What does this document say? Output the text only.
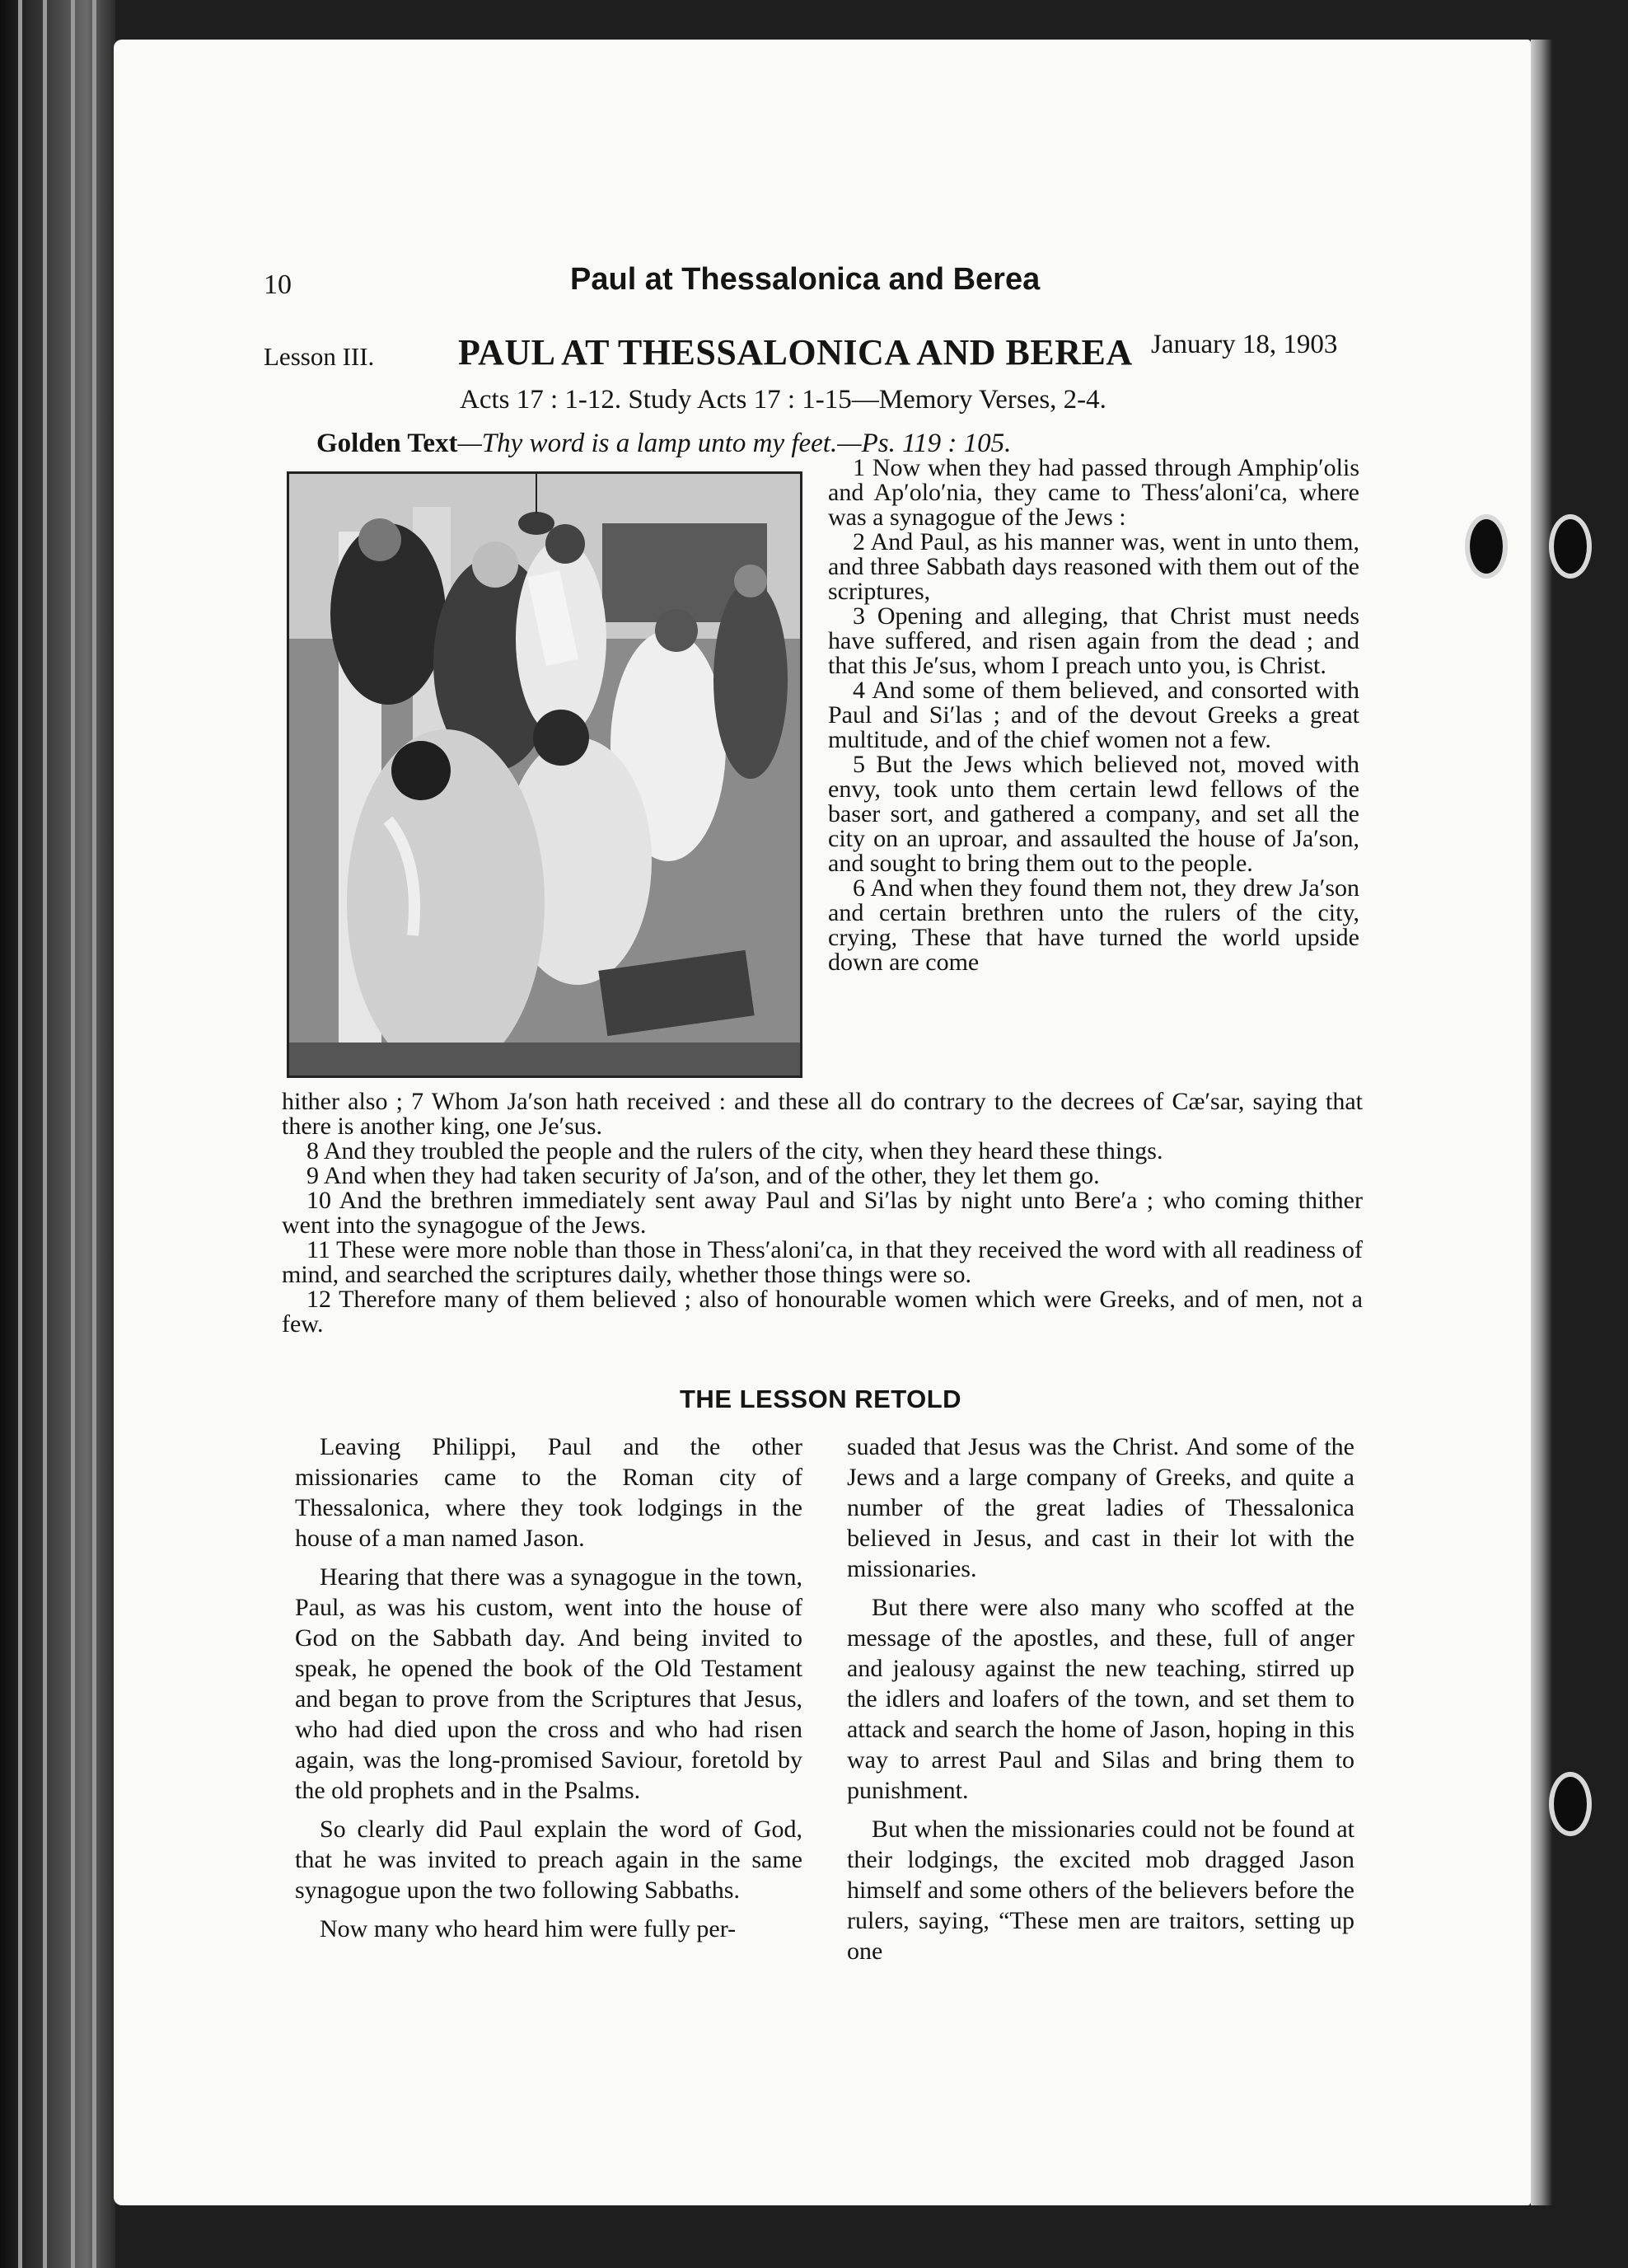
10	Paul at Thessalonica and Berea
Lesson III. PAUL AT THESSALONICA AND BEREA January 18, 1903
Acts 17 : 1-12. Study Acts 17 : 1-15—Memory Verses, 2-4.
Golden Text—Thy word is a lamp unto my feet.—Ps. 119 : 105.
1 Now when they had passed through Amphip′olis and Ap′olo′nia, they came to Thess′aloni′ca, where was a synagogue of the Jews :
2 And Paul, as his manner was, went in unto them, and three Sabbath days reasoned with them out of the scriptures,
3 Opening and alleging, that Christ must needs have suffered, and risen again from the dead ; and that this Je′sus, whom I preach unto you, is Christ.
4 And some of them believed, and consorted with Paul and Si′las ; and of the devout Greeks a great multitude, and of the chief women not a few.
5 But the Jews which believed not, moved with envy, took unto them certain lewd fellows of the baser sort, and gathered a company, and set all the city on an uproar, and assaulted the house of Ja′son, and sought to bring them out to the people.
6 And when they found them not, they drew Ja′son and certain brethren unto the rulers of the city, crying, These that have turned the world upside down are come
hither also ; 7 Whom Ja′son hath received : and these all do contrary to the decrees of Cæ′sar, saying that there is another king, one Je′sus.
8 And they troubled the people and the rulers of the city, when they heard these things.
9 And when they had taken security of Ja′son, and of the other, they let them go.
10 And the brethren immediately sent away Paul and Si′las by night unto Bere′a ; who coming thither went into the synagogue of the Jews.
11 These were more noble than those in Thess′aloni′ca, in that they received the word with all readiness of mind, and searched the scriptures daily, whether those things were so.
12 Therefore many of them believed ; also of honourable women which were Greeks, and of men, not a few.
THE LESSON RETOLD

Leaving Philippi, Paul and the other missionaries came to the Roman city of Thessalonica, where they took lodgings in the house of a man named Jason.

Hearing that there was a synagogue in the town, Paul, as was his custom, went into the house of God on the Sabbath day. And being invited to speak, he opened the book of the Old Testament and began to prove from the Scriptures that Jesus, who had died upon the cross and who had risen again, was the long-promised Saviour, foretold by the old prophets and in the Psalms.

So clearly did Paul explain the word of God, that he was invited to preach again in the same synagogue upon the two following Sabbaths.

Now many who heard him were fully per-

suaded that Jesus was the Christ. And some of the Jews and a large company of Greeks, and quite a number of the great ladies of Thessalonica believed in Jesus, and cast in their lot with the missionaries.

But there were also many who scoffed at the message of the apostles, and these, full of anger and jealousy against the new teaching, stirred up the idlers and loafers of the town, and set them to attack and search the home of Jason, hoping in this way to arrest Paul and Silas and bring them to punishment.

But when the missionaries could not be found at their lodgings, the excited mob dragged Jason himself and some others of the believers before the rulers, saying, “These men are traitors, setting up one
